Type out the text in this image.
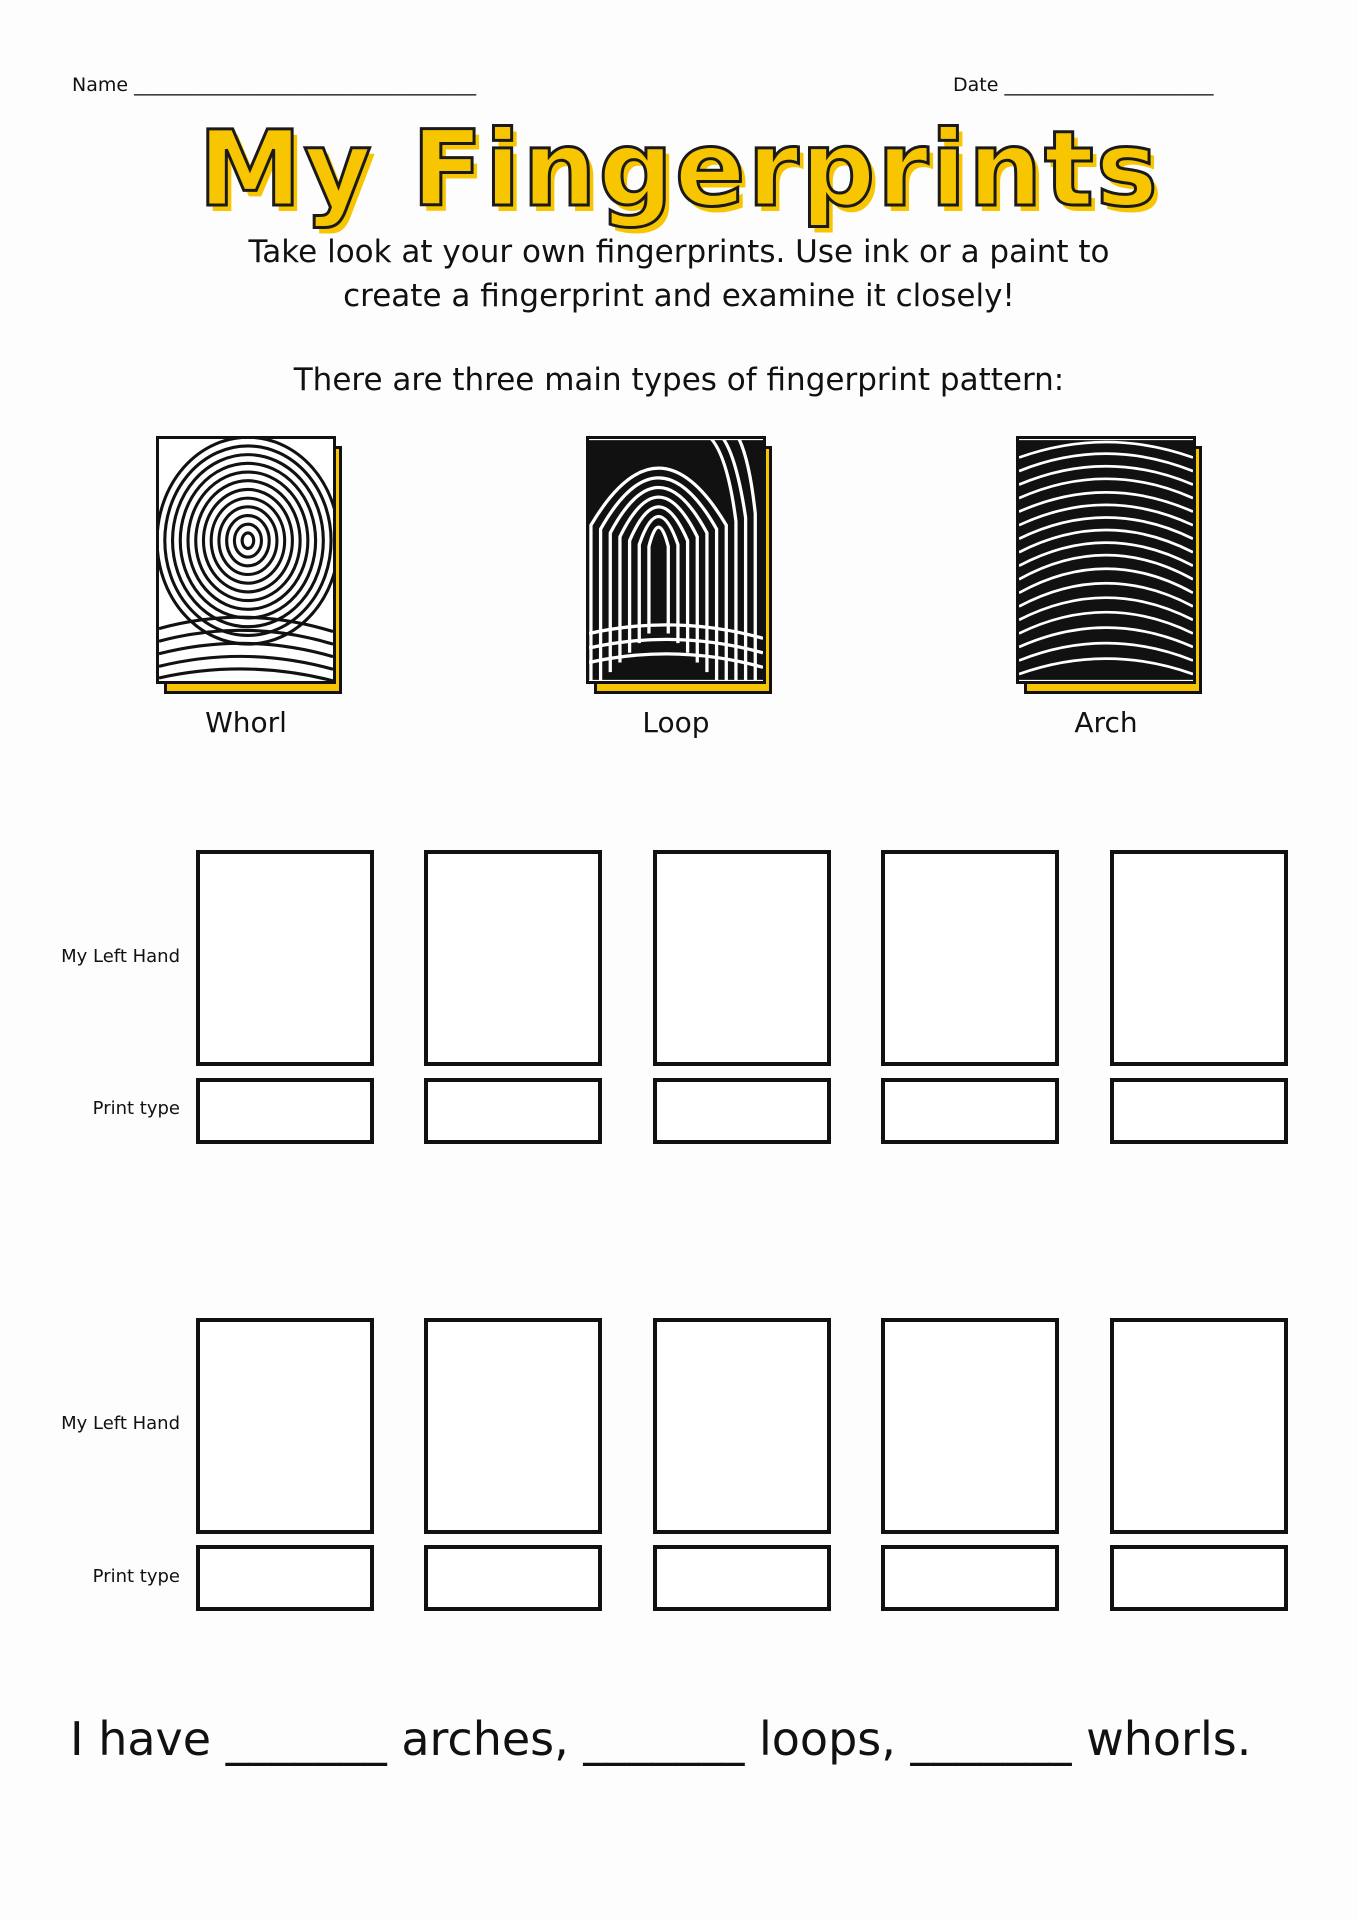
Name ____________________________________	Date ______________________
My Fingerprints
Take look at your own fingerprints. Use ink or a paint to
create a fingerprint and examine it closely!
There are three main types of fingerprint pattern:
Whorl	Loop	Arch
My Left Hand
Print type
My Left Hand
Print type
I have _______ arches, _______ loops, _______ whorls.
